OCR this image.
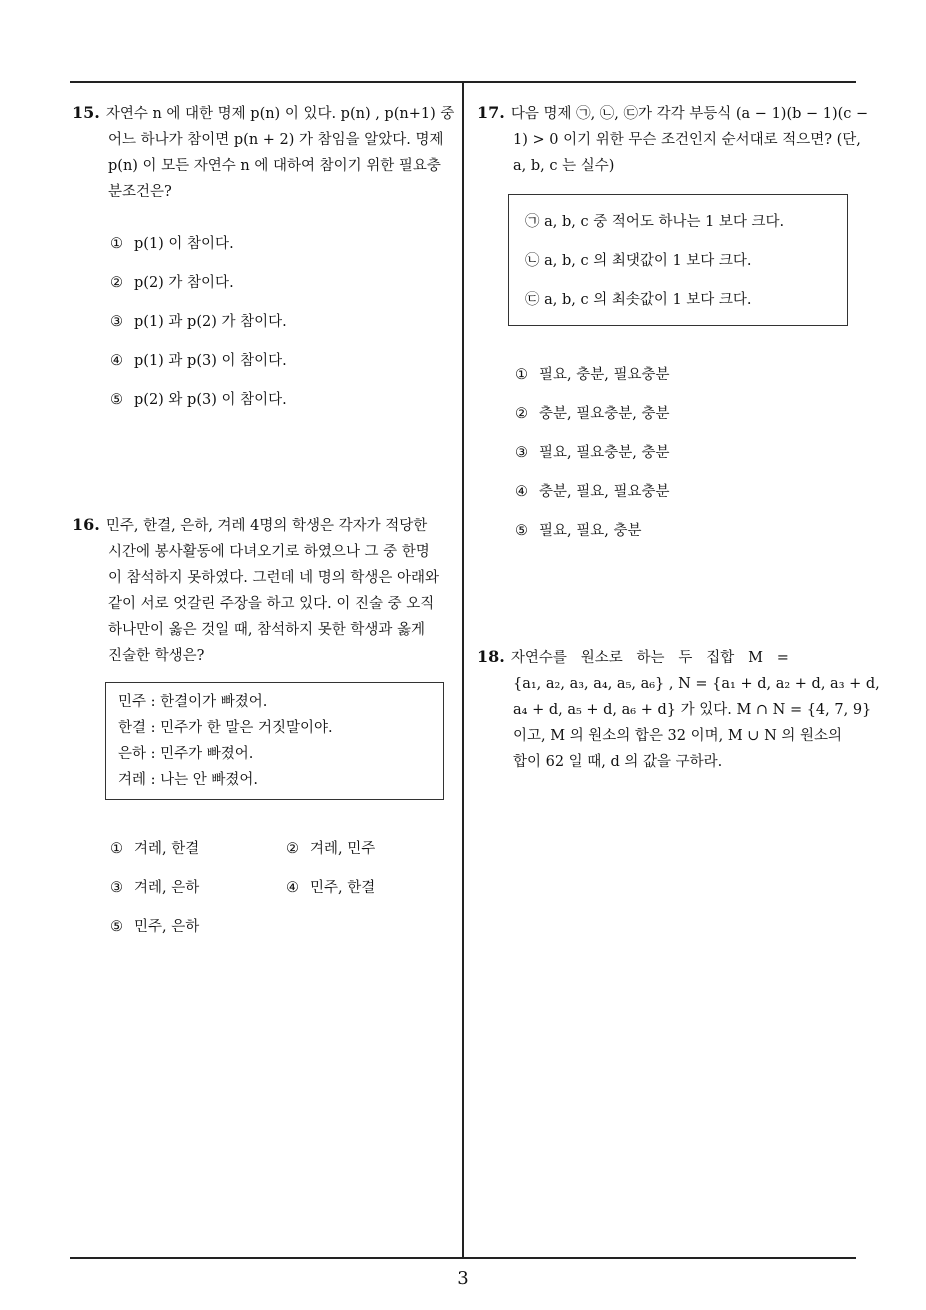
15. 자연수 n 에 대한 명제 p(n) 이 있다. p(n) , p(n+1) 중
어느 하나가 참이면 p(n + 2) 가 참임을 알았다. 명제
p(n) 이 모든 자연수 n 에 대하여 참이기 위한 필요충
분조건은?
① p(1) 이 참이다.
② p(2) 가 참이다.
③ p(1) 과 p(2) 가 참이다.
④ p(1) 과 p(3) 이 참이다.
⑤ p(2) 와 p(3) 이 참이다.
16. 민주, 한결, 은하, 겨레 4명의 학생은 각자가 적당한
시간에 봉사활동에 다녀오기로 하였으나 그 중 한명
이 참석하지 못하였다. 그런데 네 명의 학생은 아래와
같이 서로 엇갈린 주장을 하고 있다. 이 진술 중 오직
하나만이 옳은 것일 때, 참석하지 못한 학생과 옳게
진술한 학생은?
민주 : 한결이가 빠졌어.
한결 : 민주가 한 말은 거짓말이야.
은하 : 민주가 빠졌어.
겨레 : 나는 안 빠졌어.
① 겨레, 한결	② 겨레, 민주
③ 겨레, 은하	④ 민주, 한결
⑤ 민주, 은하
17. 다음 명제 ㉠, ㉡, ㉢가 각각 부등식 (a − 1)(b − 1)(c −
1) > 0 이기 위한 무슨 조건인지 순서대로 적으면? (단,
a, b, c 는 실수)
㉠ a, b, c 중 적어도 하나는 1 보다 크다.
㉡ a, b, c 의 최댓값이 1 보다 크다.
㉢ a, b, c 의 최솟값이 1 보다 크다.
① 필요, 충분, 필요충분
② 충분, 필요충분, 충분
③ 필요, 필요충분, 충분
④ 충분, 필요, 필요충분
⑤ 필요, 필요, 충분
18. 자연수를   원소로   하는   두   집합   M   =
{a₁, a₂, a₃, a₄, a₅, a₆} , N = {a₁ + d, a₂ + d, a₃ + d,
a₄ + d, a₅ + d, a₆ + d} 가 있다. M ∩ N = {4, 7, 9}
이고, M 의 원소의 합은 32 이며, M ∪ N 의 원소의
합이 62 일 때, d 의 값을 구하라.
3
